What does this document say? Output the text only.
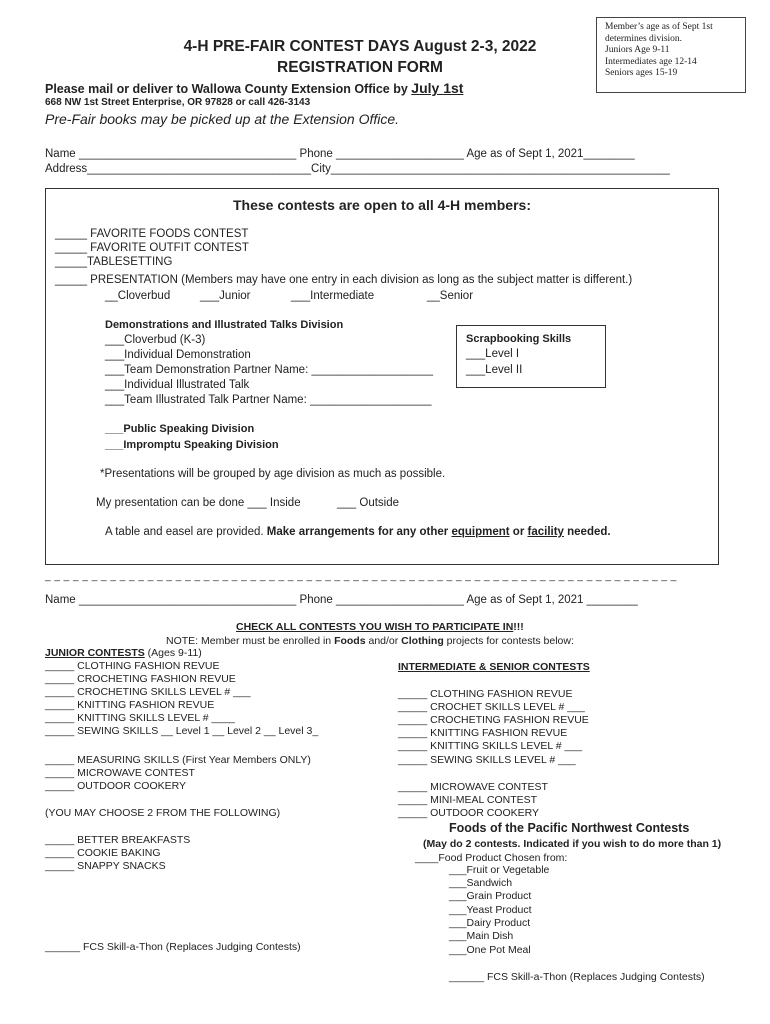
4-H PRE-FAIR CONTEST DAYS August 2-3, 2022
REGISTRATION FORM
Member’s age as of Sept 1st
determines division.
Juniors Age 9-11
Intermediates age 12-14
Seniors ages 15-19
Please mail or deliver to Wallowa County Extension Office by July 1st
668 NW 1st Street Enterprise, OR 97828 or call 426-3143
Pre-Fair books may be picked up at the Extension Office.
Name __________________________________ Phone ____________________ Age as of Sept 1, 2021________
Address___________________________________City_____________________________________________________
These contests are open to all 4-H members:
_____ FAVORITE FOODS CONTEST
_____ FAVORITE OUTFIT CONTEST
_____TABLESETTING
_____ PRESENTATION (Members may have one entry in each division as long as the subject matter is different.)
__Cloverbud	___Junior	___Intermediate	__Senior
Demonstrations and Illustrated Talks Division
___Cloverbud (K-3)
___Individual Demonstration
___Team Demonstration Partner Name: ___________________
___Individual Illustrated Talk
___Team Illustrated Talk Partner Name: ___________________
Scrapbooking Skills
___Level I
___Level II
___Public Speaking Division
___Impromptu Speaking Division
*Presentations will be grouped by age division as much as possible.
My presentation can be done ___ Inside	___ Outside
A table and easel are provided. Make arrangements for any other equipment or facility needed.
_ _ _ _ _ _ _ _ _ _ _ _ _ _ _ _ _ _ _ _ _ _ _ _ _ _ _ _ _ _ _ _ _ _ _ _ _ _ _ _ _ _ _ _ _ _ _ _ _ _ _ _ _ _ _ _ _ _ _ _ _ _ _ _ _ _ _ _
Name __________________________________ Phone ____________________ Age as of Sept 1, 2021 ________
CHECK ALL CONTESTS YOU WISH TO PARTICIPATE IN!!!
NOTE: Member must be enrolled in Foods and/or Clothing projects for contests below:
JUNIOR CONTESTS (Ages 9-11)
_____ CLOTHING FASHION REVUE
_____ CROCHETING FASHION REVUE
_____ CROCHETING SKILLS LEVEL # ___
_____ KNITTING FASHION REVUE
_____ KNITTING SKILLS LEVEL # ____
_____ SEWING SKILLS __ Level 1 __ Level 2 __ Level 3_
_____ MEASURING SKILLS (First Year Members ONLY)
_____ MICROWAVE CONTEST
_____ OUTDOOR COOKERY
(YOU MAY CHOOSE 2 FROM THE FOLLOWING)
_____ BETTER BREAKFASTS
_____ COOKIE BAKING
_____ SNAPPY SNACKS
______ FCS Skill-a-Thon (Replaces Judging Contests)
INTERMEDIATE & SENIOR CONTESTS
_____ CLOTHING FASHION REVUE
_____ CROCHET SKILLS LEVEL # ___
_____ CROCHETING FASHION REVUE
_____ KNITTING FASHION REVUE
_____ KNITTING SKILLS LEVEL # ___
_____ SEWING SKILLS LEVEL # ___
_____ MICROWAVE CONTEST
_____ MINI-MEAL CONTEST
_____ OUTDOOR COOKERY
Foods of the Pacific Northwest Contests
(May do 2 contests. Indicated if you wish to do more than 1)
____Food Product Chosen from:
___Fruit or Vegetable
___Sandwich
___Grain Product
___Yeast Product
___Dairy Product
___Main Dish
___One Pot Meal
______ FCS Skill-a-Thon (Replaces Judging Contests)
